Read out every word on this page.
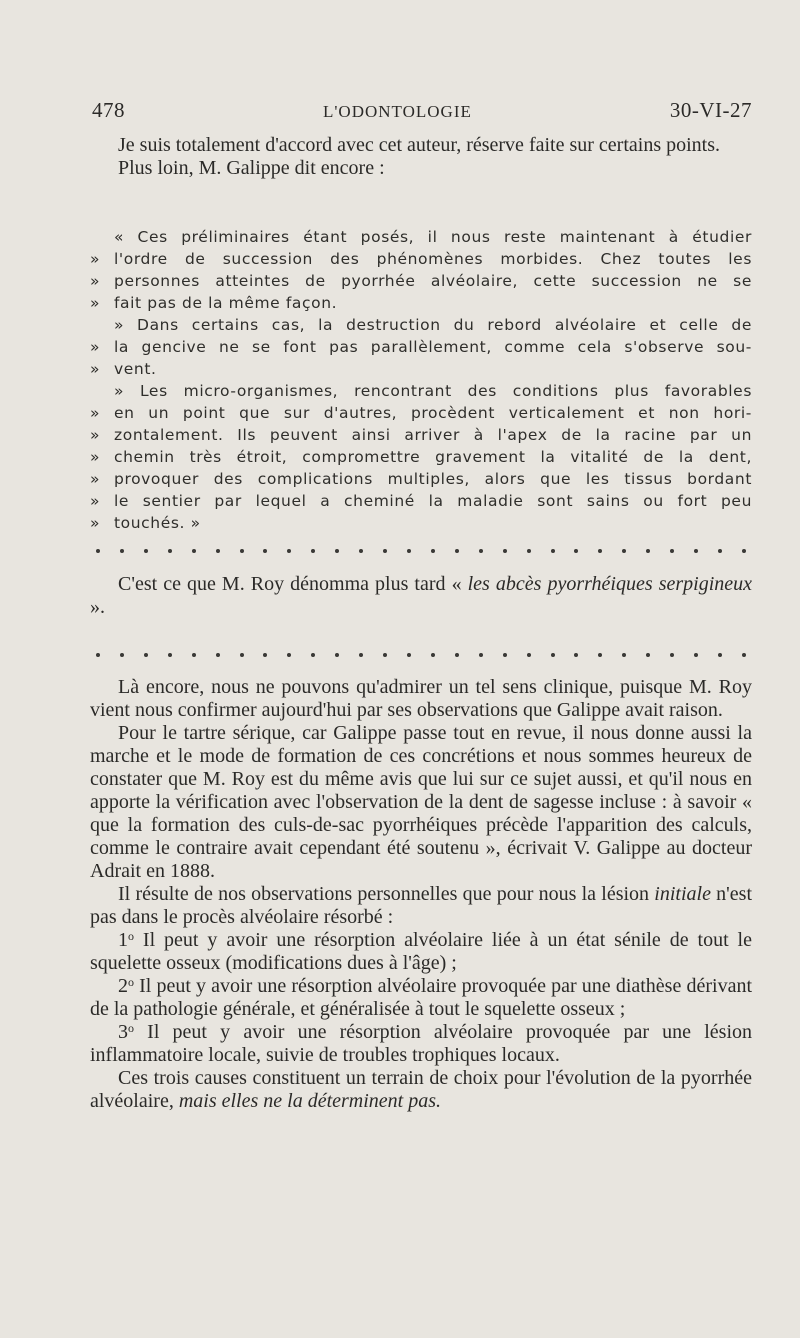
478	L'ODONTOLOGIE	30-VI-27

Je suis totalement d'accord avec cet auteur, réserve faite sur certains points.

Plus loin, M. Galippe dit encore :

« Ces préliminaires étant posés, il nous reste maintenant à étudier
» l'ordre de succession des phénomènes morbides. Chez toutes les
» personnes atteintes de pyorrhée alvéolaire, cette succession ne se
» fait pas de la même façon.
» Dans certains cas, la destruction du rebord alvéolaire et celle de
» la gencive ne se font pas parallèlement, comme cela s'observe sou-
» vent.
» Les micro-organismes, rencontrant des conditions plus favorables
» en un point que sur d'autres, procèdent verticalement et non hori-
» zontalement. Ils peuvent ainsi arriver à l'apex de la racine par un
» chemin très étroit, compromettre gravement la vitalité de la dent,
» provoquer des complications multiples, alors que les tissus bordant
» le sentier par lequel a cheminé la maladie sont sains ou fort peu
» touchés. »

C'est ce que M. Roy dénomma plus tard « les abcès pyorrhéiques serpigineux ».

Là encore, nous ne pouvons qu'admirer un tel sens clinique, puisque M. Roy vient nous confirmer aujourd'hui par ses observations que Galippe avait raison.

Pour le tartre sérique, car Galippe passe tout en revue, il nous donne aussi la marche et le mode de formation de ces concrétions et nous sommes heureux de constater que M. Roy est du même avis que lui sur ce sujet aussi, et qu'il nous en apporte la vérification avec l'observation de la dent de sagesse incluse : à savoir « que la formation des culs-de-sac pyorrhéiques précède l'apparition des calculs, comme le contraire avait cependant été soutenu », écrivait V. Galippe au docteur Adrait en 1888.

Il résulte de nos observations personnelles que pour nous la lésion initiale n'est pas dans le procès alvéolaire résorbé :

1$^o$ Il peut y avoir une résorption alvéolaire liée à un état sénile de tout le squelette osseux (modifications dues à l'âge) ;

2$^o$ Il peut y avoir une résorption alvéolaire provoquée par une diathèse dérivant de la pathologie générale, et généralisée à tout le squelette osseux ;

3$^o$ Il peut y avoir une résorption alvéolaire provoquée par une lésion inflammatoire locale, suivie de troubles trophiques locaux.

Ces trois causes constituent un terrain de choix pour l'évolution de la pyorrhée alvéolaire, mais elles ne la déterminent pas.
